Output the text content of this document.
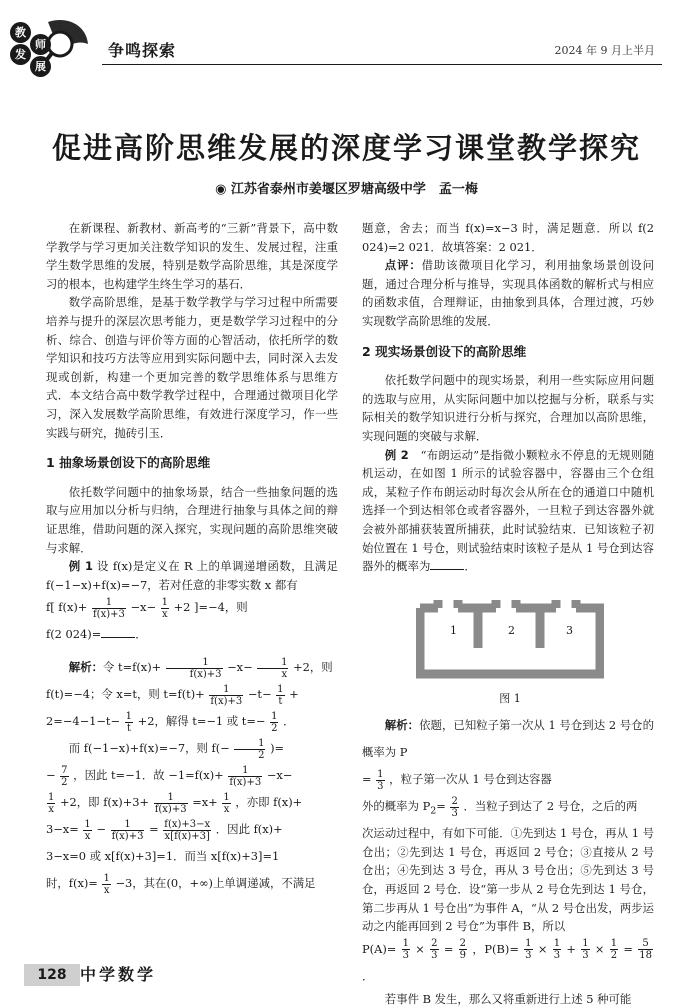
教
师
发
展
争鸣探索	2024 年 9 月上半月
促进高阶思维发展的深度学习课堂教学探究
◉ 江苏省泰州市姜堰区罗塘高级中学　孟一梅

在新课程、新教材、新高考的“三新”背景下，高中数学教学与学习更加关注数学知识的发生、发展过程，注重学生数学思维的发展，特别是数学高阶思维，其是深度学习的根本，也构建学生终生学习的基石．

数学高阶思维，是基于数学教学与学习过程中所需要培养与提升的深层次思考能力，更是数学学习过程中的分析、综合、创造与评价等方面的心智活动，依托所学的数学知识和技巧方法等应用到实际问题中去，同时深入去发现或创新，构建一个更加完善的数学思维体系与思维方式．本文结合高中数学教学过程中，合理通过微项目化学习，深入发展数学高阶思维，有效进行深度学习，作一些实践与研究，抛砖引玉．

1 抽象场景创设下的高阶思维

依托数学问题中的抽象场景，结合一些抽象问题的选取与应用加以分析与归纳，合理进行抽象与具体之间的辩证思维，借助问题的深入探究，实现问题的高阶思维突破与求解．

例 1 设 f(x)是定义在 R 上的单调递增函数，且满足 f(−1−x)+f(x)=−7，若对任意的非零实数 x 都有

f[ $f(x)+ \frac{1}{f(x)+3} -x- \frac{1}{x} +2$ ]=−4，则
f(2 024)=	．
解析：令 $t=f(x)+ \frac{1}{f(x)+3} -x- \frac{1}{x} +2$，则
f(t)=−4；令 x=t，则 $t=f(t)+ \frac{1}{f(x)+3} -t- \frac{1}{t}$ +
$2=-4-1-t- \frac{1}{t} +2$，解得 t=−1 或 $t=- \frac{1}{2}$ ．
而 f(−1−x)+f(x)=−7，则 $f(- \frac{1}{2}$ )=
− $\frac{7}{2}$ ，因此 t=−1．故 $-1=f(x)+ \frac{1}{f(x)+3} -x-$
$\frac{1}{x} +2$，即 $f(x)+3+ \frac{1}{f(x)+3} =x+ \frac{1}{x}$ ，亦即 f(x)+
$3-x= \frac{1}{x} - \frac{1}{f(x)+3} = \frac{f(x)+3-x}{x[f(x)+3]}$ ．因此 f(x)+
3−x=0 或 x[f(x)+3]=1．而当 x[f(x)+3]=1
时，$f(x)= \frac{1}{x} -3$，其在(0，+∞)上单调递减，不满足

题意，舍去；而当 f(x)=x−3 时，满足题意．所以 f(2 024)=2 021．故填答案：2 021．

点评：借助该微项目化学习，利用抽象场景创设问题，通过合理分析与推导，实现具体函数的解析式与相应的函数求值，合理辩证，由抽象到具体，合理过渡，巧妙实现数学高阶思维的发展．

2 现实场景创设下的高阶思维

依托数学问题中的现实场景，利用一些实际应用问题的选取与应用，从实际问题中加以挖掘与分析，联系与实际相关的数学知识进行分析与探究，合理加以高阶思维，实现问题的突破与求解．

例 2　 “布朗运动”是指微小颗粒永不停息的无规则随机运动，在如图 1 所示的试验容器中，容器由三个仓组成，某粒子作布朗运动时每次会从所在仓的通道口中随机选择一个到达相邻仓或者容器外，一旦粒子到达容器外就会被外部捕获装置所捕获，此时试验结束．已知该粒子初始位置在 1 号仓，则试验结束时该粒子是从 1 号仓到达容器外的概率为	．

1	2	3
图 1
解析：依题，已知粒子第一次从 1 号仓到达 2 号仓的概率为 P
= $\frac{1}{3}$ ，粒子第一次从 1 号仓到达容器
外的概率为 $P_2= \frac{2}{3}$ ．当粒子到达了 2 号仓，之后的两
次运动过程中，有如下可能．①先到达 1 号仓，再从 1 号仓出；②先到达 1 号仓，再返回 2 号仓；③直接从 2 号仓出；④先到达 3 号仓，再从 3 号仓出；⑤先到达 3 号仓，再返回 2 号仓．设“第一步从 2 号仓先到达 1 号仓，第二步再从 1 号仓出”为事件 A，“从 2 号仓出发，两步运动之内能再回到 2 号仓”为事件 B，所以
$P(A)= \frac{1}{3} \times \frac{2}{3} = \frac{2}{9}$ ，$P(B)= \frac{1}{3} \times \frac{1}{3} + \frac{1}{3} \times \frac{1}{2} = \frac{5}{18}$
．

若事件 B 发生，那么又将重新进行上述 5 种可能

128 中学数学
